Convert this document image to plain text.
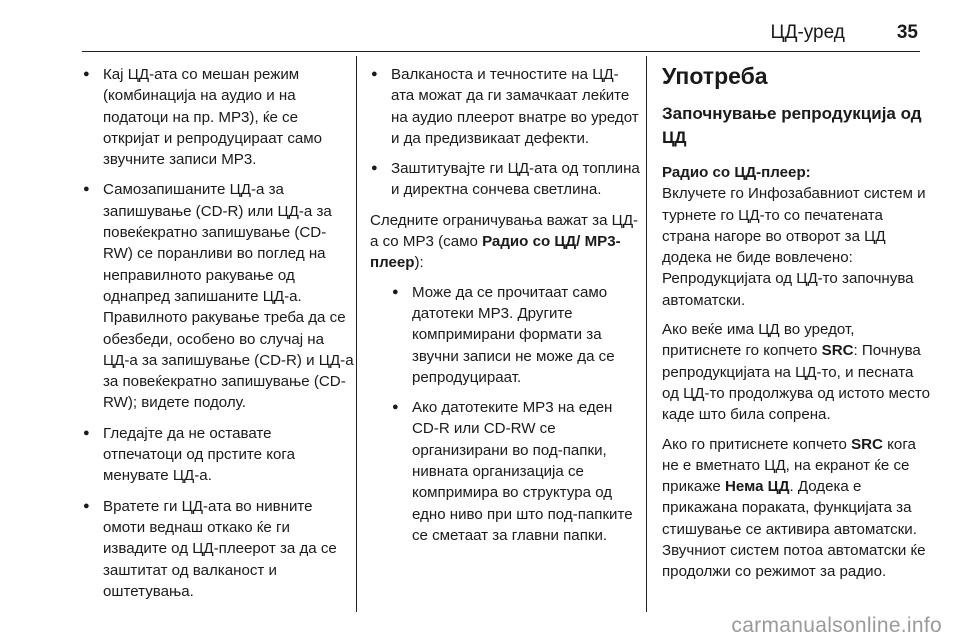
ЦД-уред	35
● Кај ЦД-ата со мешан режим (комбинација на аудио и на податоци на пр. MP3), ќе се откријат и репродуцираат само звучните записи MP3.
● Самозапишаните ЦД-а за запишување (CD-R) или ЦД-а за повеќекратно запишување (CD-RW) се поранливи во поглед на неправилното ракување од однапред запишаните ЦД-а. Правилното ракување треба да се обезбеди, особено во случај на ЦД-а за запишување (CD-R) и ЦД-а за повеќекратно запишување (CD-RW); видете подолу.
● Гледајте да не оставате отпечатоци од прстите кога менувате ЦД-а.
● Вратете ги ЦД-ата во нивните омоти веднаш откако ќе ги извадите од ЦД-плеерот за да се заштитат од валканост и оштетувања.
● Валканоста и течностите на ЦД-ата можат да ги замачкаат леќите на аудио плеерот внатре во уредот и да предизвикаат дефекти.
● Заштитувајте ги ЦД-ата од топлина и директна сончева светлина.

Следните ограничувања важат за ЦД-а со MP3 (само Радио со ЦД/ МР3-плеер):

● Може да се прочитаат само датотеки MP3. Другите компримирани формати за звучни записи не може да се репродуцираат.
● Ако датотеките MP3 на еден CD-R или CD-RW се организирани во под-папки, нивната организација се компримира во структура од едно ниво при што под-папките се сметаат за главни папки.
Употреба
Започнување репродукција од ЦД

Радио со ЦД-плеер:

Вклучете го Инфозабавниот систем и турнете го ЦД-то со печатената страна нагоре во отворот за ЦД додека не биде вовлечено: Репродукцијата од ЦД-то започнува автоматски.

Ако веќе има ЦД во уредот, притиснете го копчето SRC: Почнува репродукцијата на ЦД-то, и песната од ЦД-то продолжува од истото место каде што била сопрена.

Ако го притиснете копчето SRC кога не е вметнато ЦД, на екранот ќе се прикаже Нема ЦД. Додека е прикажана пораката, функцијата за стишување се активира автоматски. Звучниот систем потоа автоматски ќе продолжи со режимот за радио.

carmanualsonline.info
